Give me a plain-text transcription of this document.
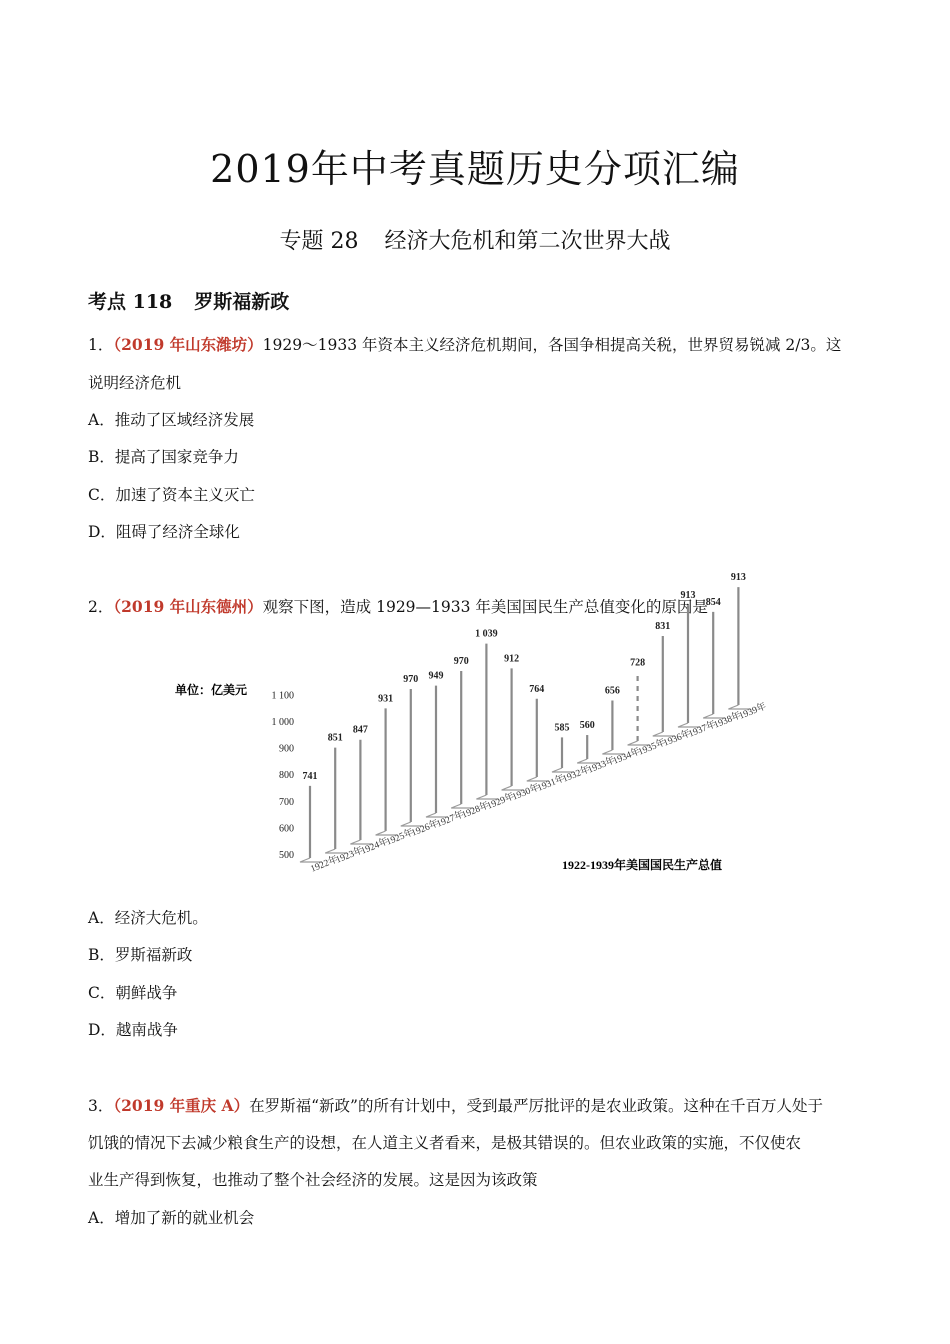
2019年中考真题历史分项汇编
专题 28 经济大危机和第二次世界大战
考点 118 罗斯福新政
1．（2019 年山东潍坊）1929～1933 年资本主义经济危机期间，各国争相提高关税，世界贸易锐减 2/3。这
说明经济危机
A．推动了区域经济发展
B．提高了国家竞争力
C．加速了资本主义灭亡
D．阻碍了经济全球化
2．（2019 年山东德州）观察下图，造成 1929—1933 年美国国民生产总值变化的原因是
单位：亿美元 1 100
1 000
900
800
700
600
500
741
1922年
851
1923年
847
1924年
931
1925年
970
1926年
949
1927年
970
1928年
1 039
1929年
912
1930年
764
1931年
585
1932年
560
1933年
656
1934年
728
1935年
831
1936年
913
1937年
854
1938年
913
1939年
1922-1939年美国国民生产总值
A．经济大危机。
B．罗斯福新政
C．朝鲜战争
D．越南战争
3．（2019 年重庆 A）在罗斯福“新政”的所有计划中，受到最严厉批评的是农业政策。这种在千百万人处于
饥饿的情况下去减少粮食生产的设想，在人道主义者看来，是极其错误的。但农业政策的实施，不仅使农
业生产得到恢复，也推动了整个社会经济的发展。这是因为该政策
A．增加了新的就业机会
